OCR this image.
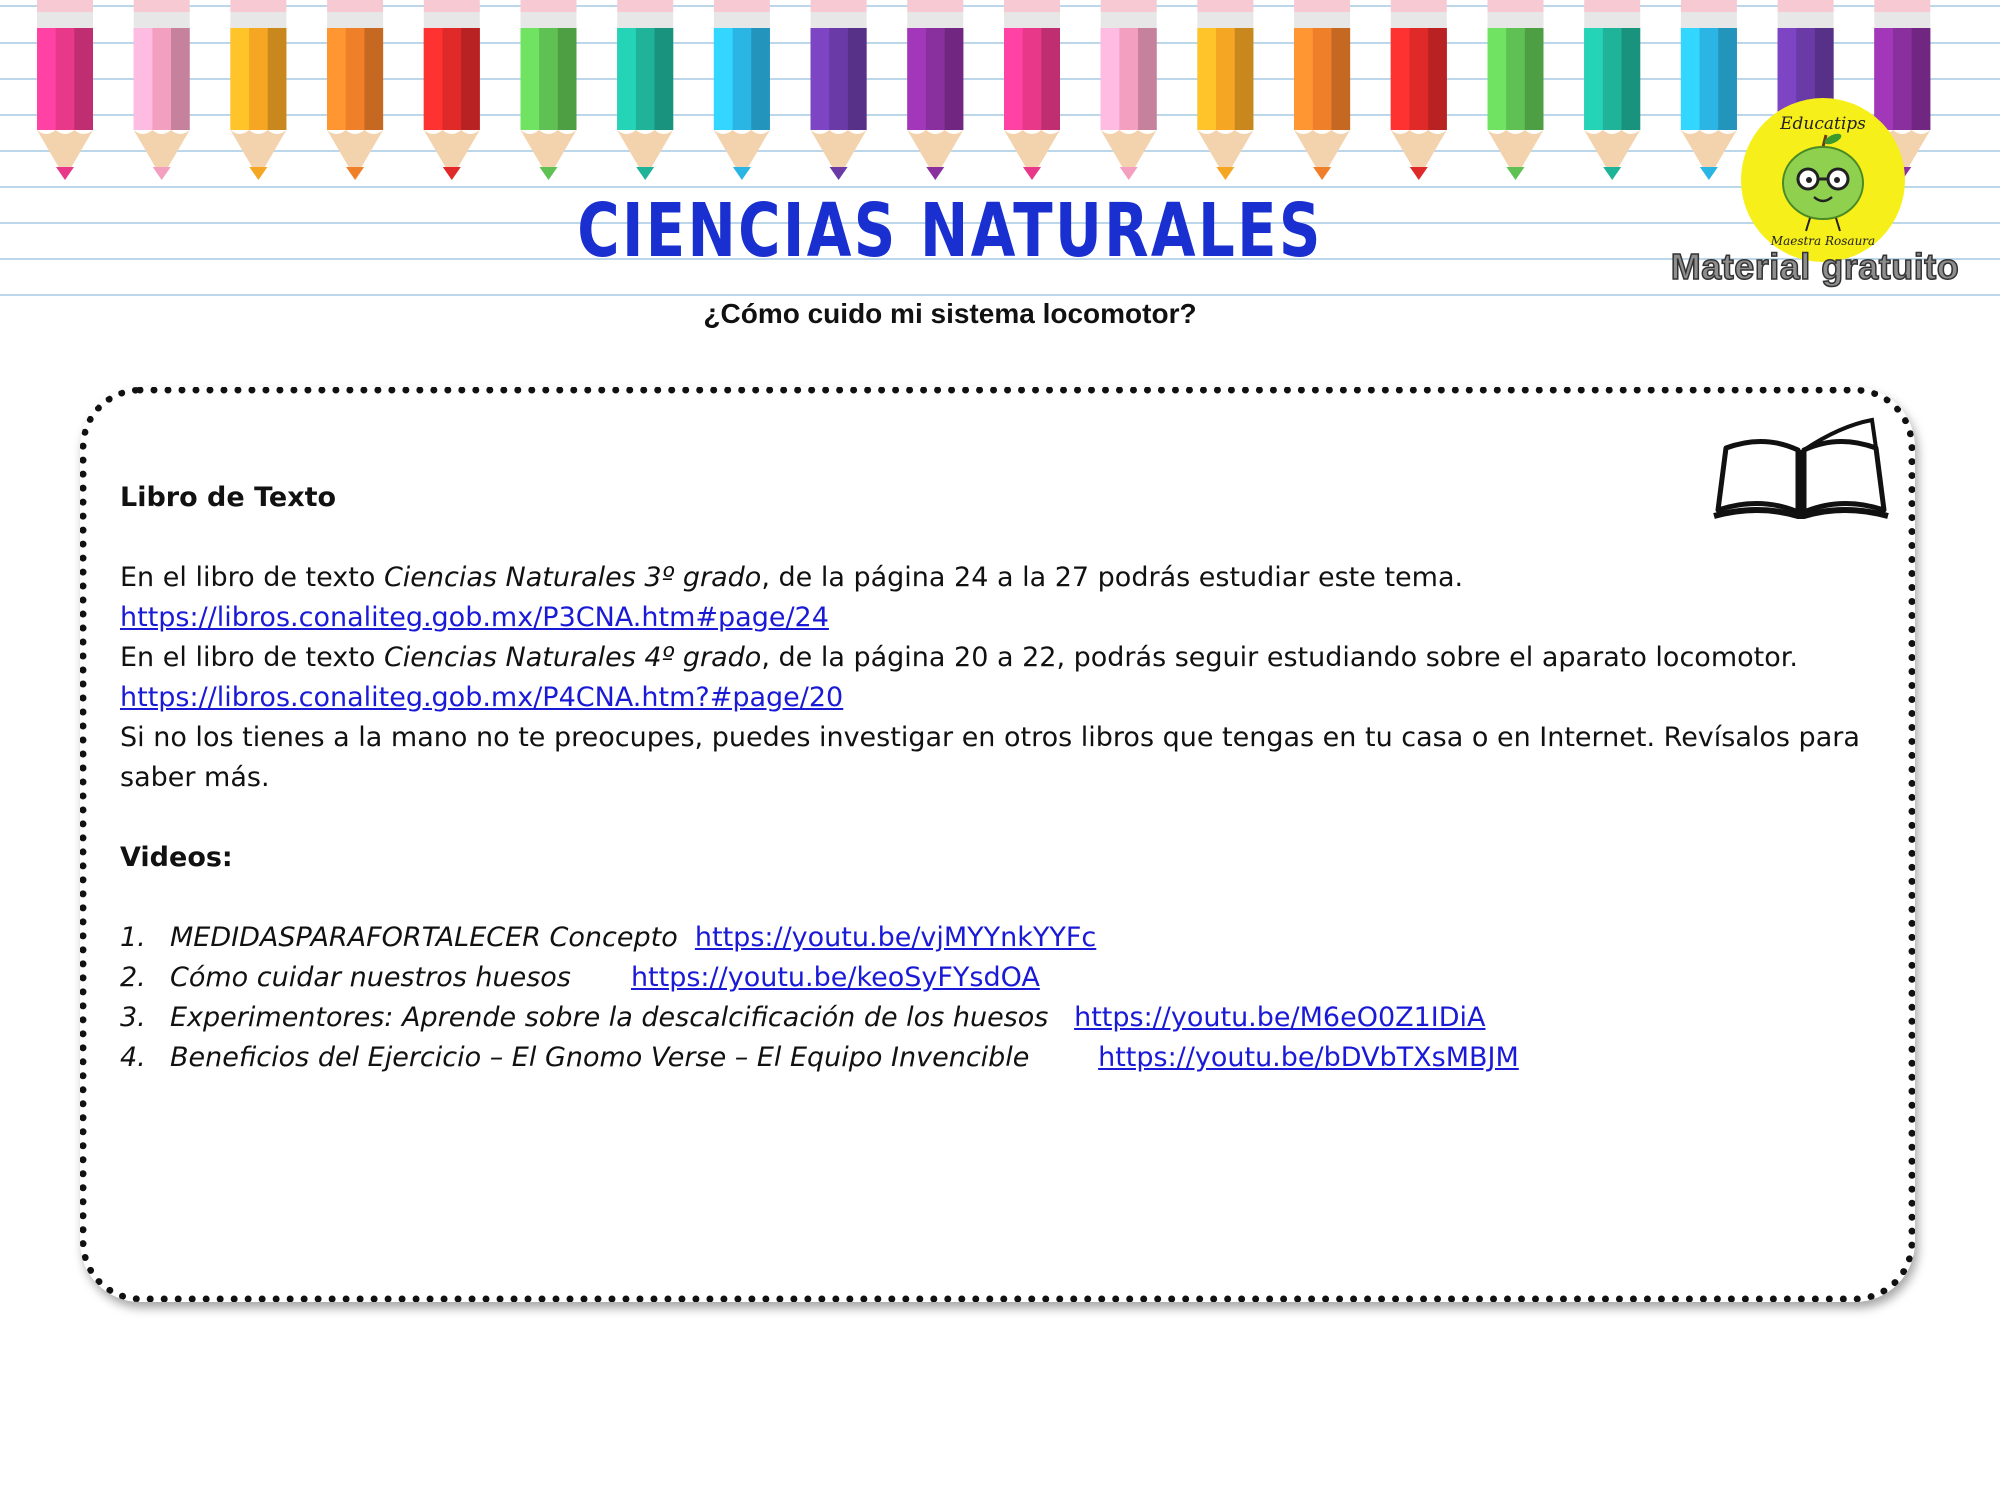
CIENCIAS NATURALES
¿Cómo cuido mi sistema locomotor?
Educatips
Maestra Rosaura
Material gratuito

Libro de Texto

En el libro de texto Ciencias Naturales 3º grado, de la página 24 a la 27 podrás estudiar este tema.

https://libros.conaliteg.gob.mx/P3CNA.htm#page/24

En el libro de texto Ciencias Naturales 4º grado, de la página 20 a 22, podrás seguir estudiando sobre el aparato locomotor.

https://libros.conaliteg.gob.mx/P4CNA.htm?#page/20

Si no los tienes a la mano no te preocupes, puedes investigar en otros libros que tengas en tu casa o en Internet. Revísalos para saber más.

Videos:

1. MEDIDASPARAFORTALECER Concepto https://youtu.be/vjMYYnkYYFc
2. Cómo cuidar nuestros huesos https://youtu.be/keoSyFYsdOA
3. Experimentores: Aprende sobre la descalcificación de los huesos https://youtu.be/M6eO0Z1IDiA
4. Beneficios del Ejercicio – El Gnomo Verse – El Equipo Invencible	https://youtu.be/bDVbTXsMBJM
